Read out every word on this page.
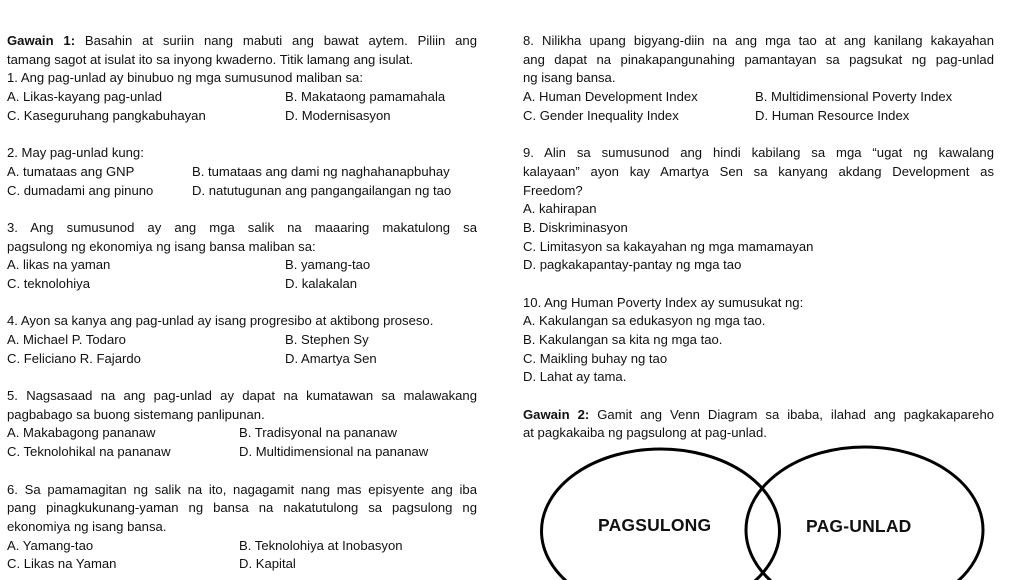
Gawain 1: Basahin at suriin nang mabuti ang bawat aytem. Piliin ang
tamang sagot at isulat ito sa inyong kwaderno. Titik lamang ang isulat.
1. Ang pag-unlad ay binubuo ng mga sumusunod maliban sa:
A. Likas-kayang pag-unlad	B. Makataong pamamahala
C. Kaseguruhang pangkabuhayan	D. Modernisasyon
2. May pag-unlad kung:
A. tumataas ang GNP	B. tumataas ang dami ng naghahanapbuhay
C. dumadami ang pinuno	D. natutugunan ang pangangailangan ng tao
3. Ang sumusunod ay ang mga salik na maaaring makatulong sa
pagsulong ng ekonomiya ng isang bansa maliban sa:
A. likas na yaman	B. yamang-tao
C. teknolohiya	D. kalakalan
4. Ayon sa kanya ang pag-unlad ay isang progresibo at aktibong proseso.
A. Michael P. Todaro	B. Stephen Sy
C. Feliciano R. Fajardo	D. Amartya Sen
5. Nagsasaad na ang pag-unlad ay dapat na kumatawan sa malawakang
pagbabago sa buong sistemang panlipunan.
A. Makabagong pananaw	B. Tradisyonal na pananaw
C. Teknolohikal na pananaw	D. Multidimensional na pananaw
6. Sa pamamagitan ng salik na ito, nagagamit nang mas episyente ang iba
pang pinagkukunang-yaman ng bansa na nakatutulong sa pagsulong ng
ekonomiya ng isang bansa.
A. Yamang-tao	B. Teknolohiya at Inobasyon
C. Likas na Yaman	D. Kapital
8. Nilikha upang bigyang-diin na ang mga tao at ang kanilang kakayahan
ang dapat na pinakapangunahing pamantayan sa pagsukat ng pag-unlad
ng isang bansa.
A. Human Development Index	B. Multidimensional Poverty Index
C. Gender Inequality Index	D. Human Resource Index
9. Alin sa sumusunod ang hindi kabilang sa mga “ugat ng kawalang
kalayaan” ayon kay Amartya Sen sa kanyang akdang Development as
Freedom?
A. kahirapan
B. Diskriminasyon
C. Limitasyon sa kakayahan ng mga mamamayan
D. pagkakapantay-pantay ng mga tao
10. Ang Human Poverty Index ay sumusukat ng:
A. Kakulangan sa edukasyon ng mga tao.
B. Kakulangan sa kita ng mga tao.
C. Maikling buhay ng tao
D. Lahat ay tama.
Gawain 2: Gamit ang Venn Diagram sa ibaba, ilahad ang pagkakapareho
at pagkakaiba ng pagsulong at pag-unlad.
PAGSULONG	PAG-UNLAD
